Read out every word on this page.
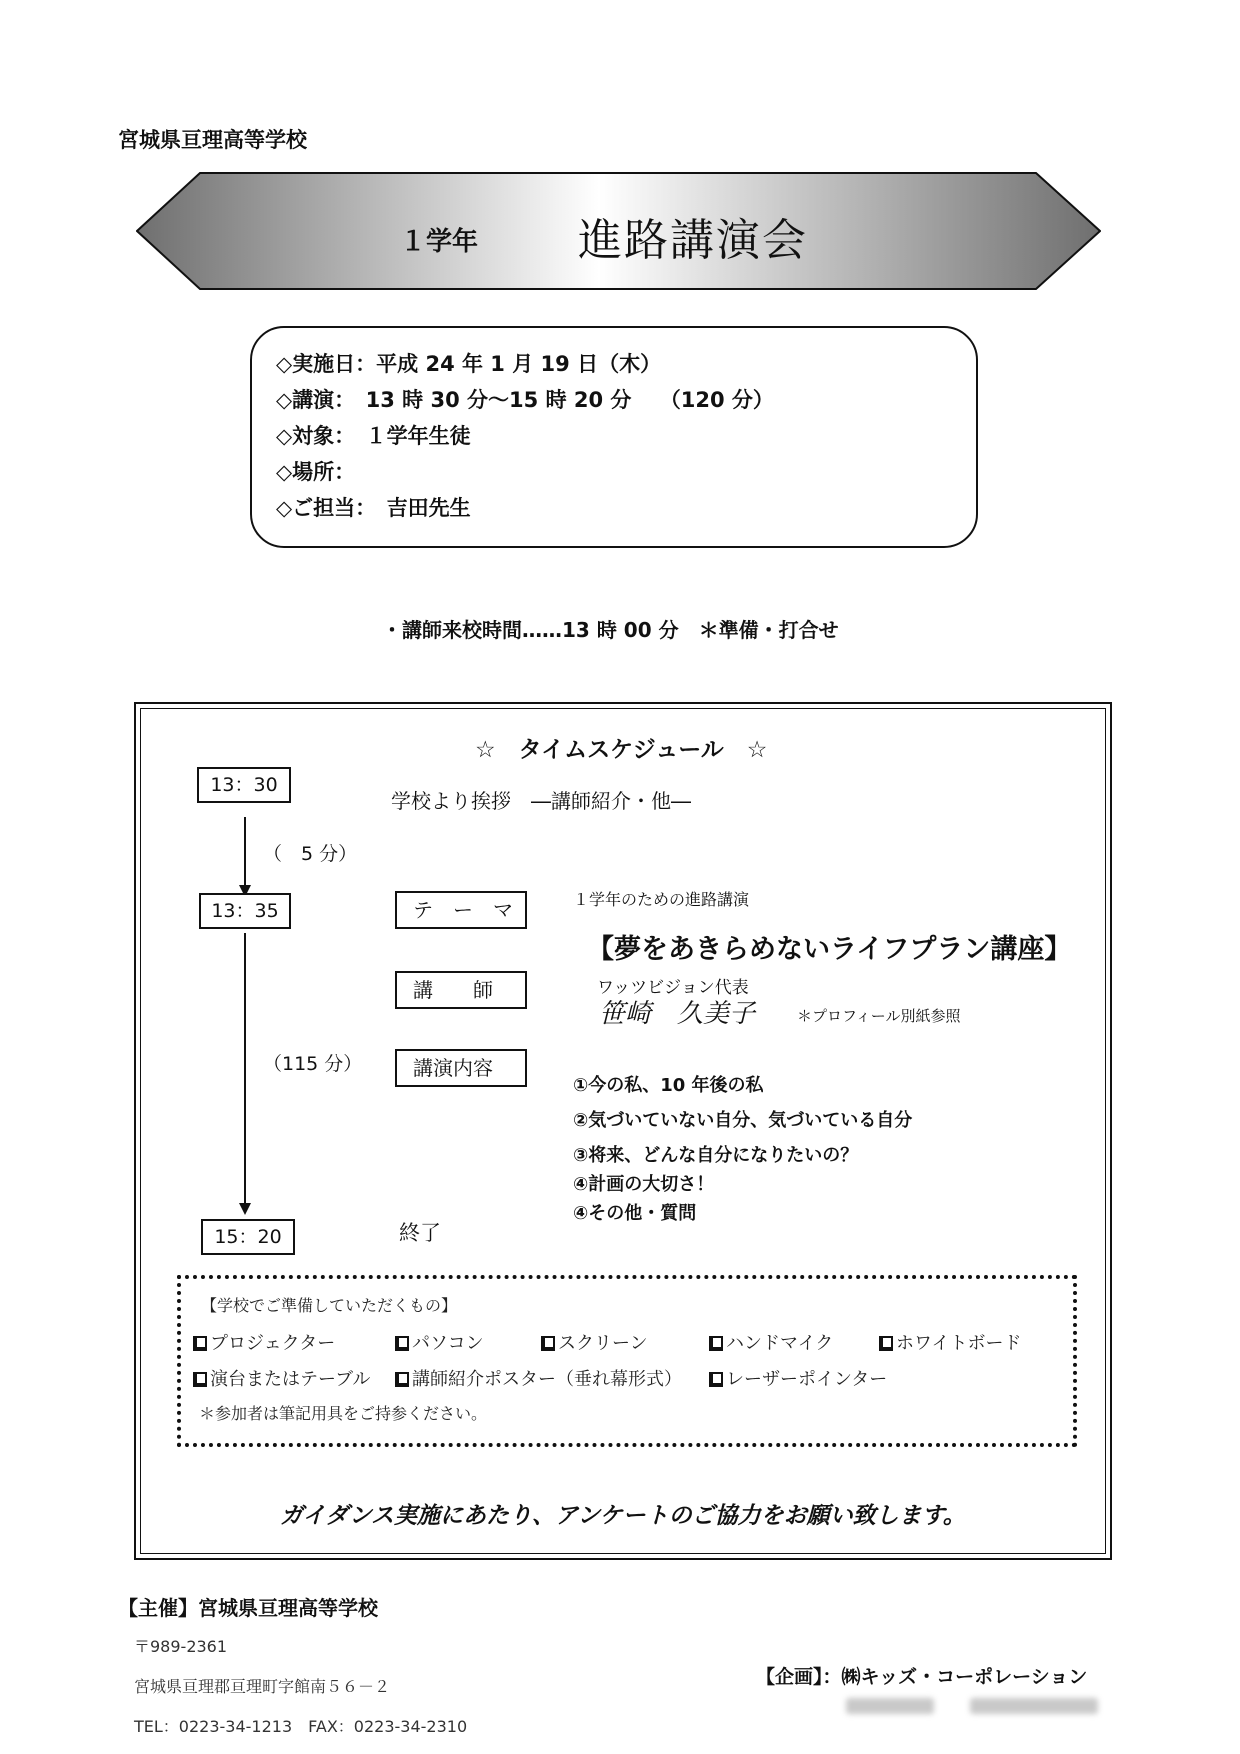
宮城県亘理高等学校
１学年 進路講演会
◇実施日：平成 24 年 1 月 19 日（木）
◇講演：　13 時 30 分～15 時 20 分　 （120 分）
◇対象：　１学年生徒
◇場所：
◇ご担当：　吉田先生
・講師来校時間‥‥‥13 時 00 分　＊準備・打合せ
☆　タイムスケジュール　☆
13：30
13：35
15：20
（　5 分）
（115 分）
学校より挨拶　―講師紹介・他―
終了
テ　ー　マ
講　　師
講演内容
１学年のための進路講演
【夢をあきらめないライフプラン講座】
ワッツビジョン代表
笹崎　久美子	＊プロフィール別紙参照
①今の私、10 年後の私
②気づいていない自分、気づいている自分
③将来、どんな自分になりたいの？
④計画の大切さ！
④その他・質問
【学校でご準備していただくもの】
プロジェクター	パソコン	スクリーン	ハンドマイク	ホワイトボード
演台またはテーブル	講師紹介ポスター（垂れ幕形式）	レーザーポインター
＊参加者は筆記用具をご持参ください。
ガイダンス実施にあたり、アンケートのご協力をお願い致します。
【主催】宮城県亘理高等学校
〒989-2361
宮城県亘理郡亘理町字館南５６－２
TEL：0223-34-1213　FAX：0223-34-2310
【企画】：㈱キッズ・コーポレーション
